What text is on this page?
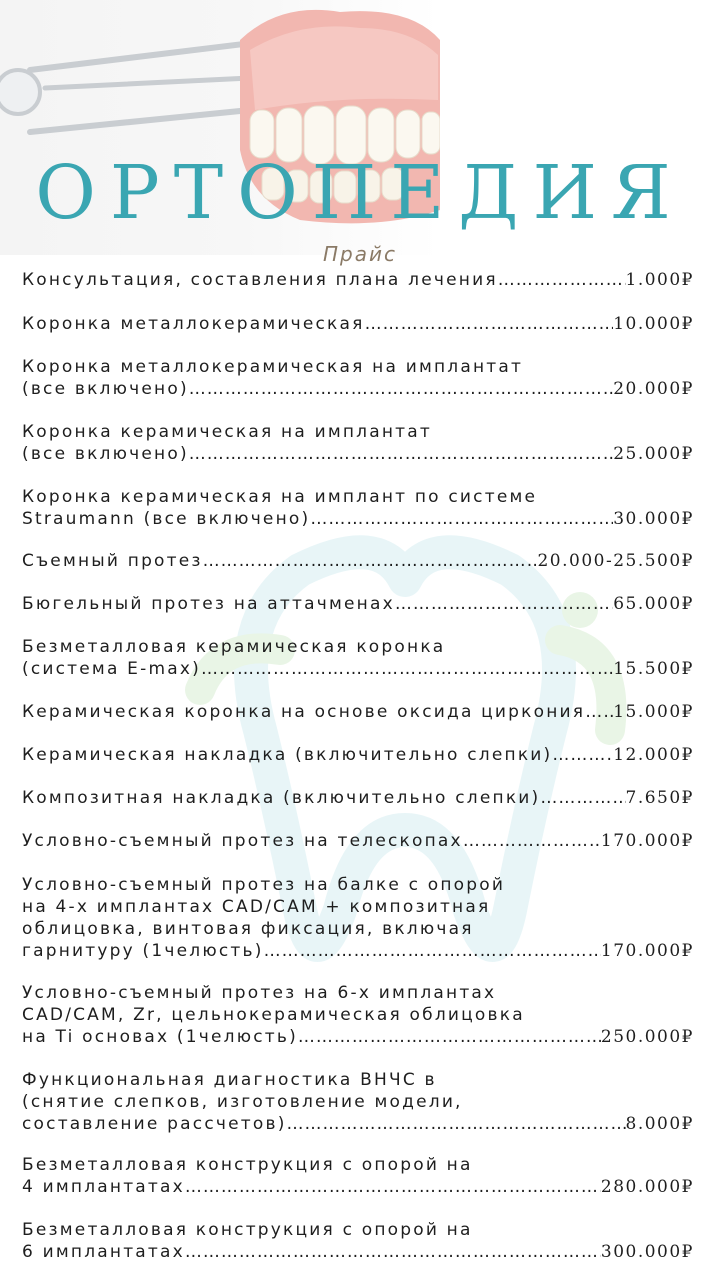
ОРТОПЕДИЯ
Прайс
Консультация, составления плана лечения ……………………………………………………………………………………………………………………………………………………………………………………	1.000₽
Коронка металлокерамическая ……………………………………………………………………………………………………………………………………………………………………………………	10.000₽
Коронка металлокерамическая на имплантат
(все включено) ……………………………………………………………………………………………………………………………………………………………………………………	20.000₽
Коронка керамическая на имплантат
(все включено) ……………………………………………………………………………………………………………………………………………………………………………………	25.000₽
Коронка керамическая на имплант по системе
Straumann (все включено) ……………………………………………………………………………………………………………………………………………………………………………………	30.000₽
Съемный протез ……………………………………………………………………………………………………………………………………………………………………………………	20.000-25.500₽
Бюгельный протез на аттачменах ……………………………………………………………………………………………………………………………………………………………………………………	65.000₽
Безметалловая керамическая коронка
(система E-max) ……………………………………………………………………………………………………………………………………………………………………………………	15.500₽
Керамическая коронка на основе оксида циркония …………………………………………………………………………………………………………………………………………………………………………………… 15.000₽
Керамическая накладка (включительно слепки) ……………………………………………………………………………………………………………………………………………………………………………………	12.000₽
Композитная накладка (включительно слепки) ……………………………………………………………………………………………………………………………………………………………………………………	7.650₽
Условно-съемный протез на телескопах ……………………………………………………………………………………………………………………………………………………………………………………	170.000₽
Условно-съемный протез на балке с опорой
на 4-х имплантах CAD/CAM + композитная
облицовка, винтовая фиксация, включая
гарнитуру (1челюсть) ……………………………………………………………………………………………………………………………………………………………………………………	170.000₽
Условно-съемный протез на 6-х имплантах
CAD/CAM, Zr, цельнокерамическая облицовка
на Ti основах (1челюсть) ……………………………………………………………………………………………………………………………………………………………………………………	250.000₽
Функциональная диагностика ВНЧС в
(снятие слепков, изготовление модели,
составление рассчетов) ……………………………………………………………………………………………………………………………………………………………………………………	8.000₽
Безметалловая конструкция с опорой на
4 имплантатах ……………………………………………………………………………………………………………………………………………………………………………………	280.000₽
Безметалловая конструкция с опорой на
6 имплантатах ……………………………………………………………………………………………………………………………………………………………………………………	300.000₽
